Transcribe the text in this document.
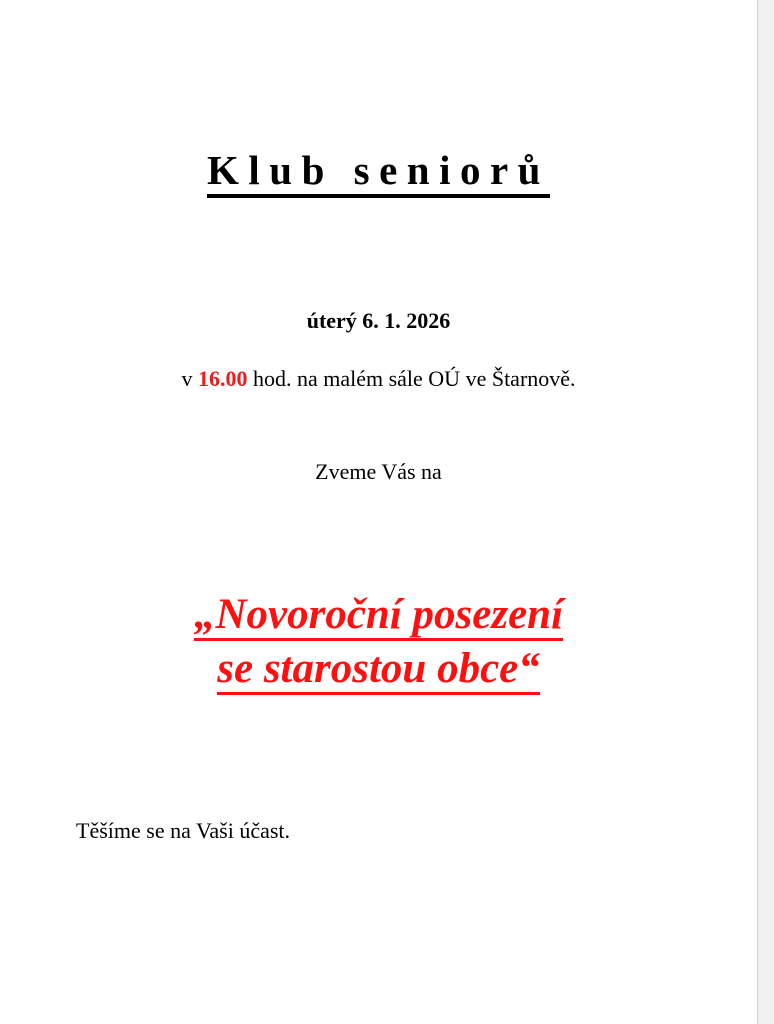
Klub seniorů
úterý 6. 1. 2026
v 16.00 hod. na malém sále OÚ ve Štarnově.
Zveme Vás na
„Novoroční posezení
se starostou obce“
Těšíme se na Vaši účast.
